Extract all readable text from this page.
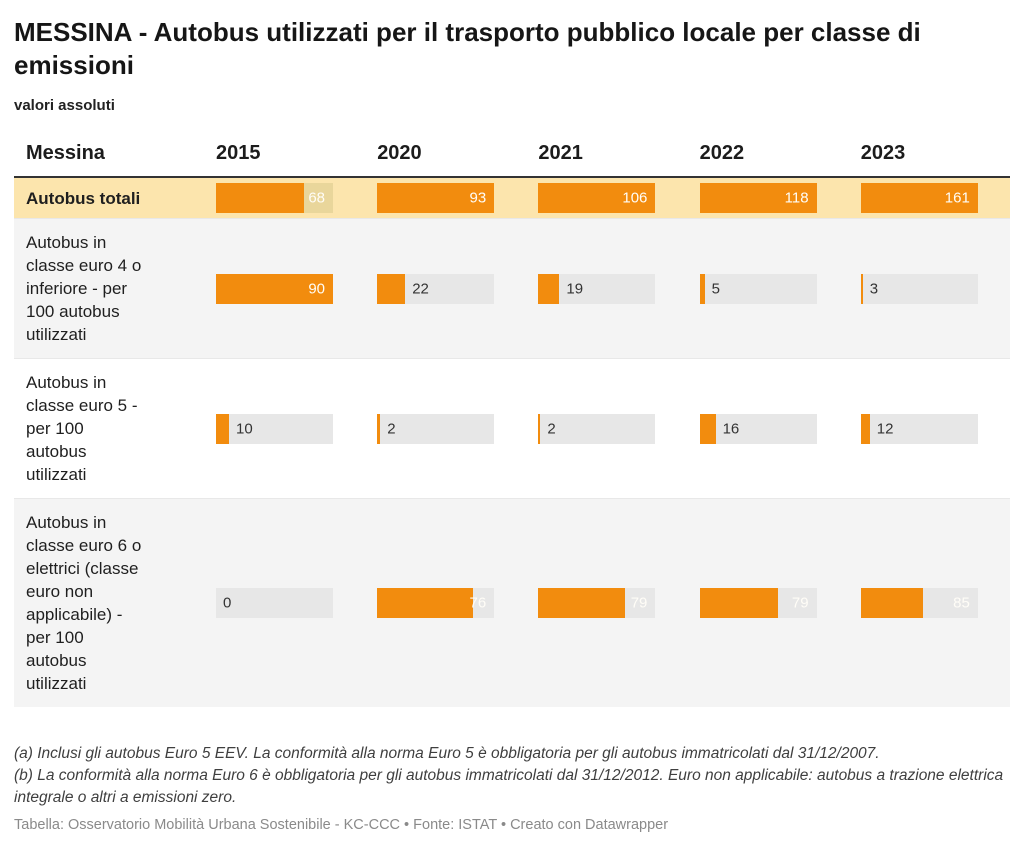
MESSINA - Autobus utilizzati per il trasporto pubblico locale per classe di emissioni
valori assoluti
Messina	2015	2020	2021	2022	2023
Autobus totali	68	93	106	118	161
Autobus in classe euro 4 o inferiore - per 100 autobus utilizzati
90	22	19	5	3
Autobus in classe euro 5 - per 100 autobus utilizzati
10	2	2	16	12
Autobus in classe euro 6 o elettrici (classe euro non applicabile) - per 100 autobus utilizzati
0	76	79	79	85

(a) Inclusi gli autobus Euro 5 EEV. La conformità alla norma Euro 5 è obbligatoria per gli autobus immatricolati dal 31/12/2007.

(b) La conformità alla norma Euro 6 è obbligatoria per gli autobus immatricolati dal 31/12/2012. Euro non applicabile: autobus a trazione elettrica integrale o altri a emissioni zero.

Tabella: Osservatorio Mobilità Urbana Sostenibile - KC-CCC • Fonte: ISTAT • Creato con Datawrapper
